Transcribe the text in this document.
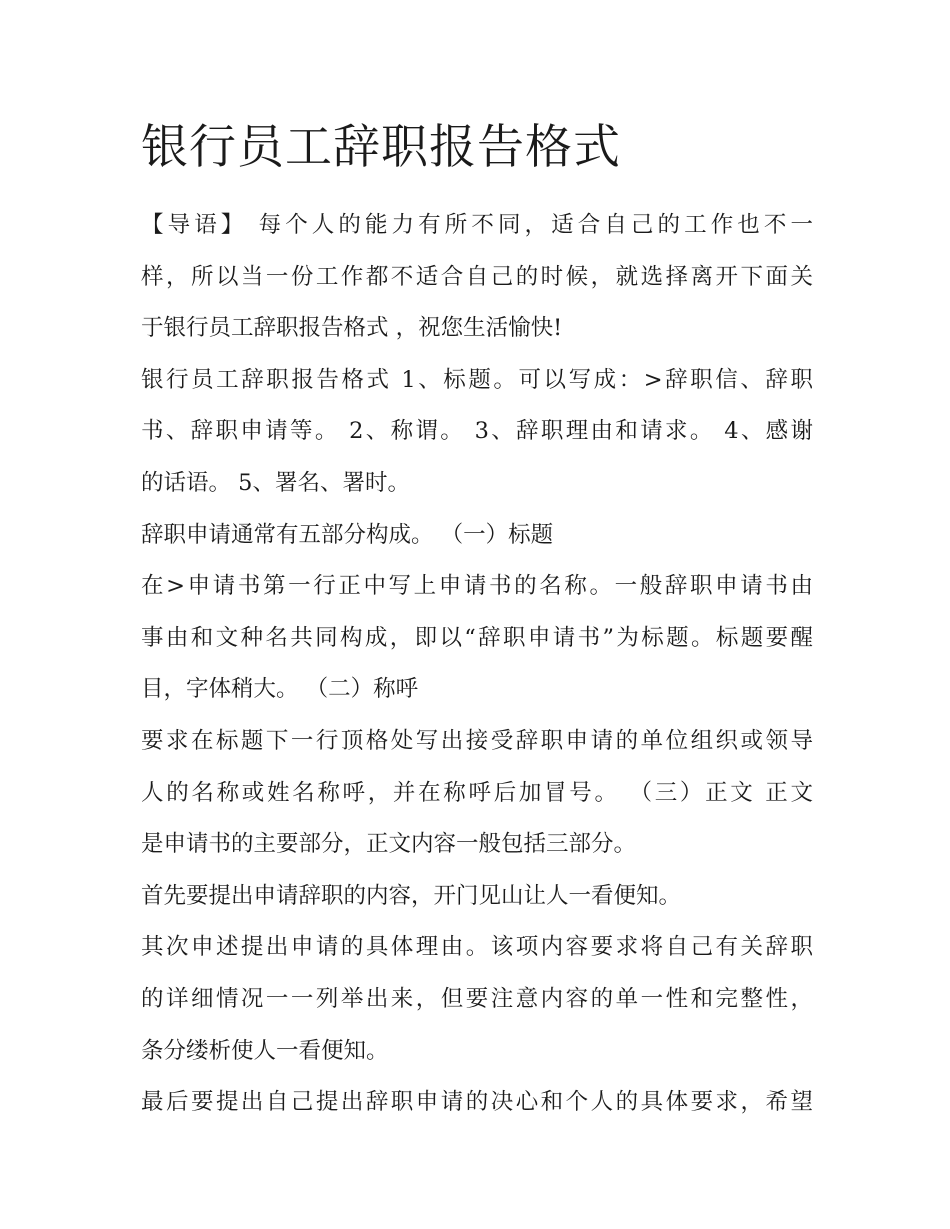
银行员工辞职报告格式
【导语】 每个人的能力有所不同，适合自己的工作也不一
样，所以当一份工作都不适合自己的时候，就选择离开下面关
于银行员工辞职报告格式 ，祝您生活愉快!
银行员工辞职报告格式 1、标题。可以写成：>辞职信、辞职
书、辞职申请等。 2、称谓。 3、辞职理由和请求。 4、感谢
的话语。 5、署名、署时。
辞职申请通常有五部分构成。 （一）标题
在>申请书第一行正中写上申请书的名称。一般辞职申请书由
事由和文种名共同构成，即以“辞职申请书”为标题。标题要醒
目，字体稍大。 （二）称呼
要求在标题下一行顶格处写出接受辞职申请的单位组织或领导
人的名称或姓名称呼，并在称呼后加冒号。 （三）正文 正文
是申请书的主要部分，正文内容一般包括三部分。
首先要提出申请辞职的内容，开门见山让人一看便知。
其次申述提出申请的具体理由。该项内容要求将自己有关辞职
的详细情况一一列举出来，但要注意内容的单一性和完整性，
条分缕析使人一看便知。
最后要提出自己提出辞职申请的决心和个人的具体要求，希望
